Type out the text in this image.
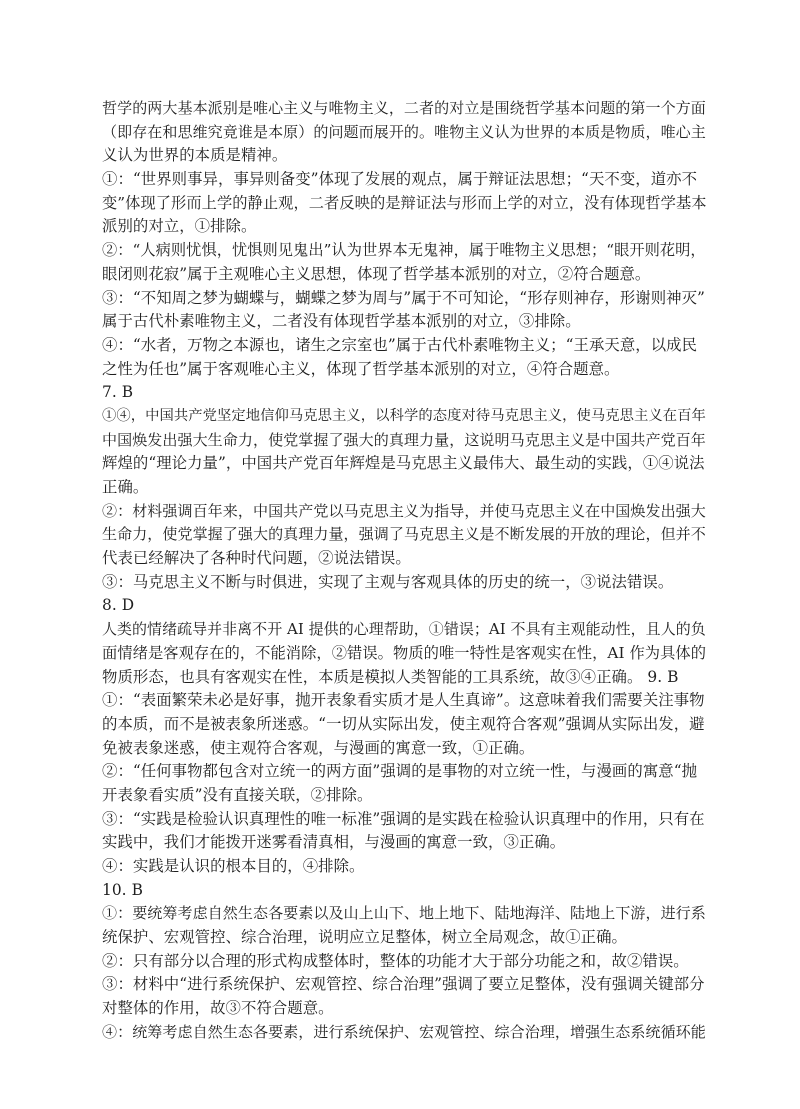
哲学的两大基本派别是唯心主义与唯物主义，二者的对立是围绕哲学基本问题的第一个方面
（即存在和思维究竟谁是本原）的问题而展开的。唯物主义认为世界的本质是物质，唯心主
义认为世界的本质是精神。
①：“世界则事异，事异则备变”体现了发展的观点，属于辩证法思想；“天不变，道亦不
变”体现了形而上学的静止观，二者反映的是辩证法与形而上学的对立，没有体现哲学基本
派别的对立，①排除。
②：“人病则忧惧，忧惧则见鬼出”认为世界本无鬼神，属于唯物主义思想；“眼开则花明，
眼闭则花寂”属于主观唯心主义思想，体现了哲学基本派别的对立，②符合题意。
③：“不知周之梦为蝴蝶与，蝴蝶之梦为周与”属于不可知论，“形存则神存，形谢则神灭”
属于古代朴素唯物主义，二者没有体现哲学基本派别的对立，③排除。
④：“水者，万物之本源也，诸生之宗室也”属于古代朴素唯物主义；“王承天意，以成民
之性为任也”属于客观唯心主义，体现了哲学基本派别的对立，④符合题意。
7. B
①④，中国共产党坚定地信仰马克思主义，以科学的态度对待马克思主义，使马克思主义在百年
中国焕发出强大生命力，使党掌握了强大的真理力量，这说明马克思主义是中国共产党百年
辉煌的“理论力量”，中国共产党百年辉煌是马克思主义最伟大、最生动的实践，①④说法
正确。
②：材料强调百年来，中国共产党以马克思主义为指导，并使马克思主义在中国焕发出强大
生命力，使党掌握了强大的真理力量，强调了马克思主义是不断发展的开放的理论，但并不
代表已经解决了各种时代问题，②说法错误。
③：马克思主义不断与时俱进，实现了主观与客观具体的历史的统一，③说法错误。
8. D
人类的情绪疏导并非离不开 AI 提供的心理帮助，①错误；AI 不具有主观能动性，且人的负
面情绪是客观存在的，不能消除，②错误。物质的唯一特性是客观实在性，AI 作为具体的
物质形态，也具有客观实在性，本质是模拟人类智能的工具系统，故③④正确。 9. B
①：“表面繁荣未必是好事，抛开表象看实质才是人生真谛”。这意味着我们需要关注事物
的本质，而不是被表象所迷惑。“一切从实际出发，使主观符合客观”强调从实际出发，避
免被表象迷惑，使主观符合客观，与漫画的寓意一致，①正确。
②：“任何事物都包含对立统一的两方面”强调的是事物的对立统一性，与漫画的寓意“抛
开表象看实质”没有直接关联，②排除。
③：“实践是检验认识真理性的唯一标准”强调的是实践在检验认识真理中的作用，只有在
实践中，我们才能拨开迷雾看清真相，与漫画的寓意一致，③正确。
④：实践是认识的根本目的，④排除。
10. B
①：要统筹考虑自然生态各要素以及山上山下、地上地下、陆地海洋、陆地上下游，进行系
统保护、宏观管控、综合治理，说明应立足整体，树立全局观念，故①正确。
②：只有部分以合理的形式构成整体时，整体的功能才大于部分功能之和，故②错误。
③：材料中“进行系统保护、宏观管控、综合治理”强调了要立足整体，没有强调关键部分
对整体的作用，故③不符合题意。
④：统筹考虑自然生态各要素，进行系统保护、宏观管控、综合治理，增强生态系统循环能
